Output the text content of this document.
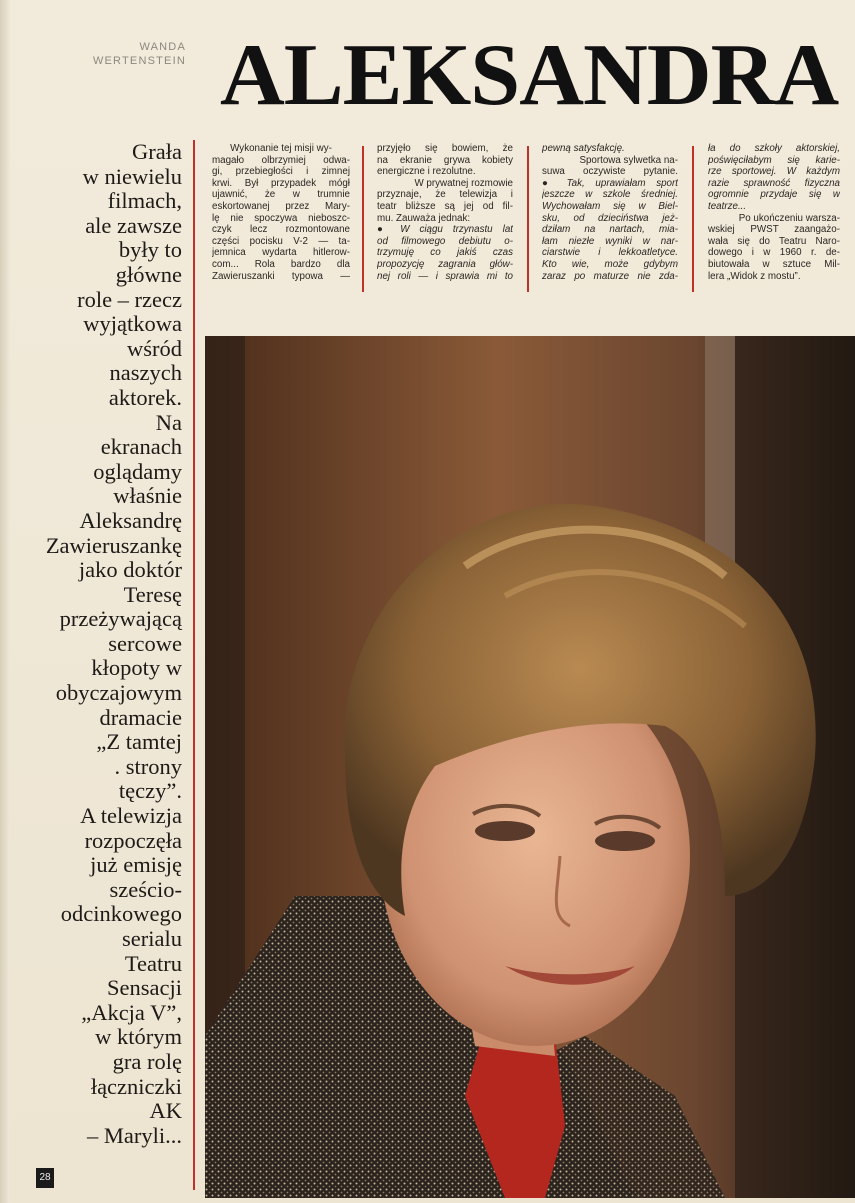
WANDA
WERTENSTEIN ALEKSANDRA
Grała
w niewielu
filmach,
ale zawsze
były to
główne
role – rzecz
wyjątkowa
wśród
naszych
aktorek.
Na
ekranach
oglądamy
właśnie
Aleksandrę
Zawieruszankę
jako doktór
Teresę
przeżywającą
sercowe
kłopoty w
obyczajowym
dramacie
„Z tamtej
. strony
tęczy”.
A telewizja
rozpoczęła
już emisję
sześcio-
odcinkowego
serialu
Teatru
Sensacji
„Akcja V”,
w którym
gra rolę
łączniczki
AK
– Maryli...
Wykonanie tej misji wy-
magało olbrzymiej odwa-
gi, przebiegłości i zimnej
krwi. Był przypadek mógł
ujawnić, że w trumnie
eskortowanej przez Mary-
lę nie spoczywa nieboszc-
czyk lecz rozmontowane
części pocisku V-2 — ta-
jemnica wydarta hitlerow-
com... Rola bardzo dla
Zawieruszanki typowa —
przyjęło się bowiem, że
na ekranie grywa kobiety
energiczne i rezolutne.
W prywatnej rozmowie
przyznaje, że telewizja i
teatr bliższe są jej od fil-
mu. Zauważa jednak:
● W ciągu trzynastu lat
od filmowego debiutu o-
trzymuję co jakiś czas
propozycję zagrania głów-
nej roli — i sprawia mi to
pewną satysfakcję.
Sportowa sylwetka na-
suwa oczywiste pytanie.
● Tak, uprawiałam sport
jeszcze w szkole średniej.
Wychowałam się w Biel-
sku, od dzieciństwa jeż-
dziłam na nartach, mia-
łam niezłe wyniki w nar-
ciarstwie i lekkoatletyce.
Kto wie, może gdybym
zaraz po maturze nie zda-
ła do szkoły aktorskiej,
poświęciłabym się karie-
rze sportowej. W każdym
razie sprawność fizyczna
ogromnie przydaje się w
teatrze...
Po ukończeniu warsza-
wskiej PWST zaangażo-
wała się do Teatru Naro-
dowego i w 1960 r. de-
biutowała w sztuce Mil-
lera „Widok z mostu”.
28
